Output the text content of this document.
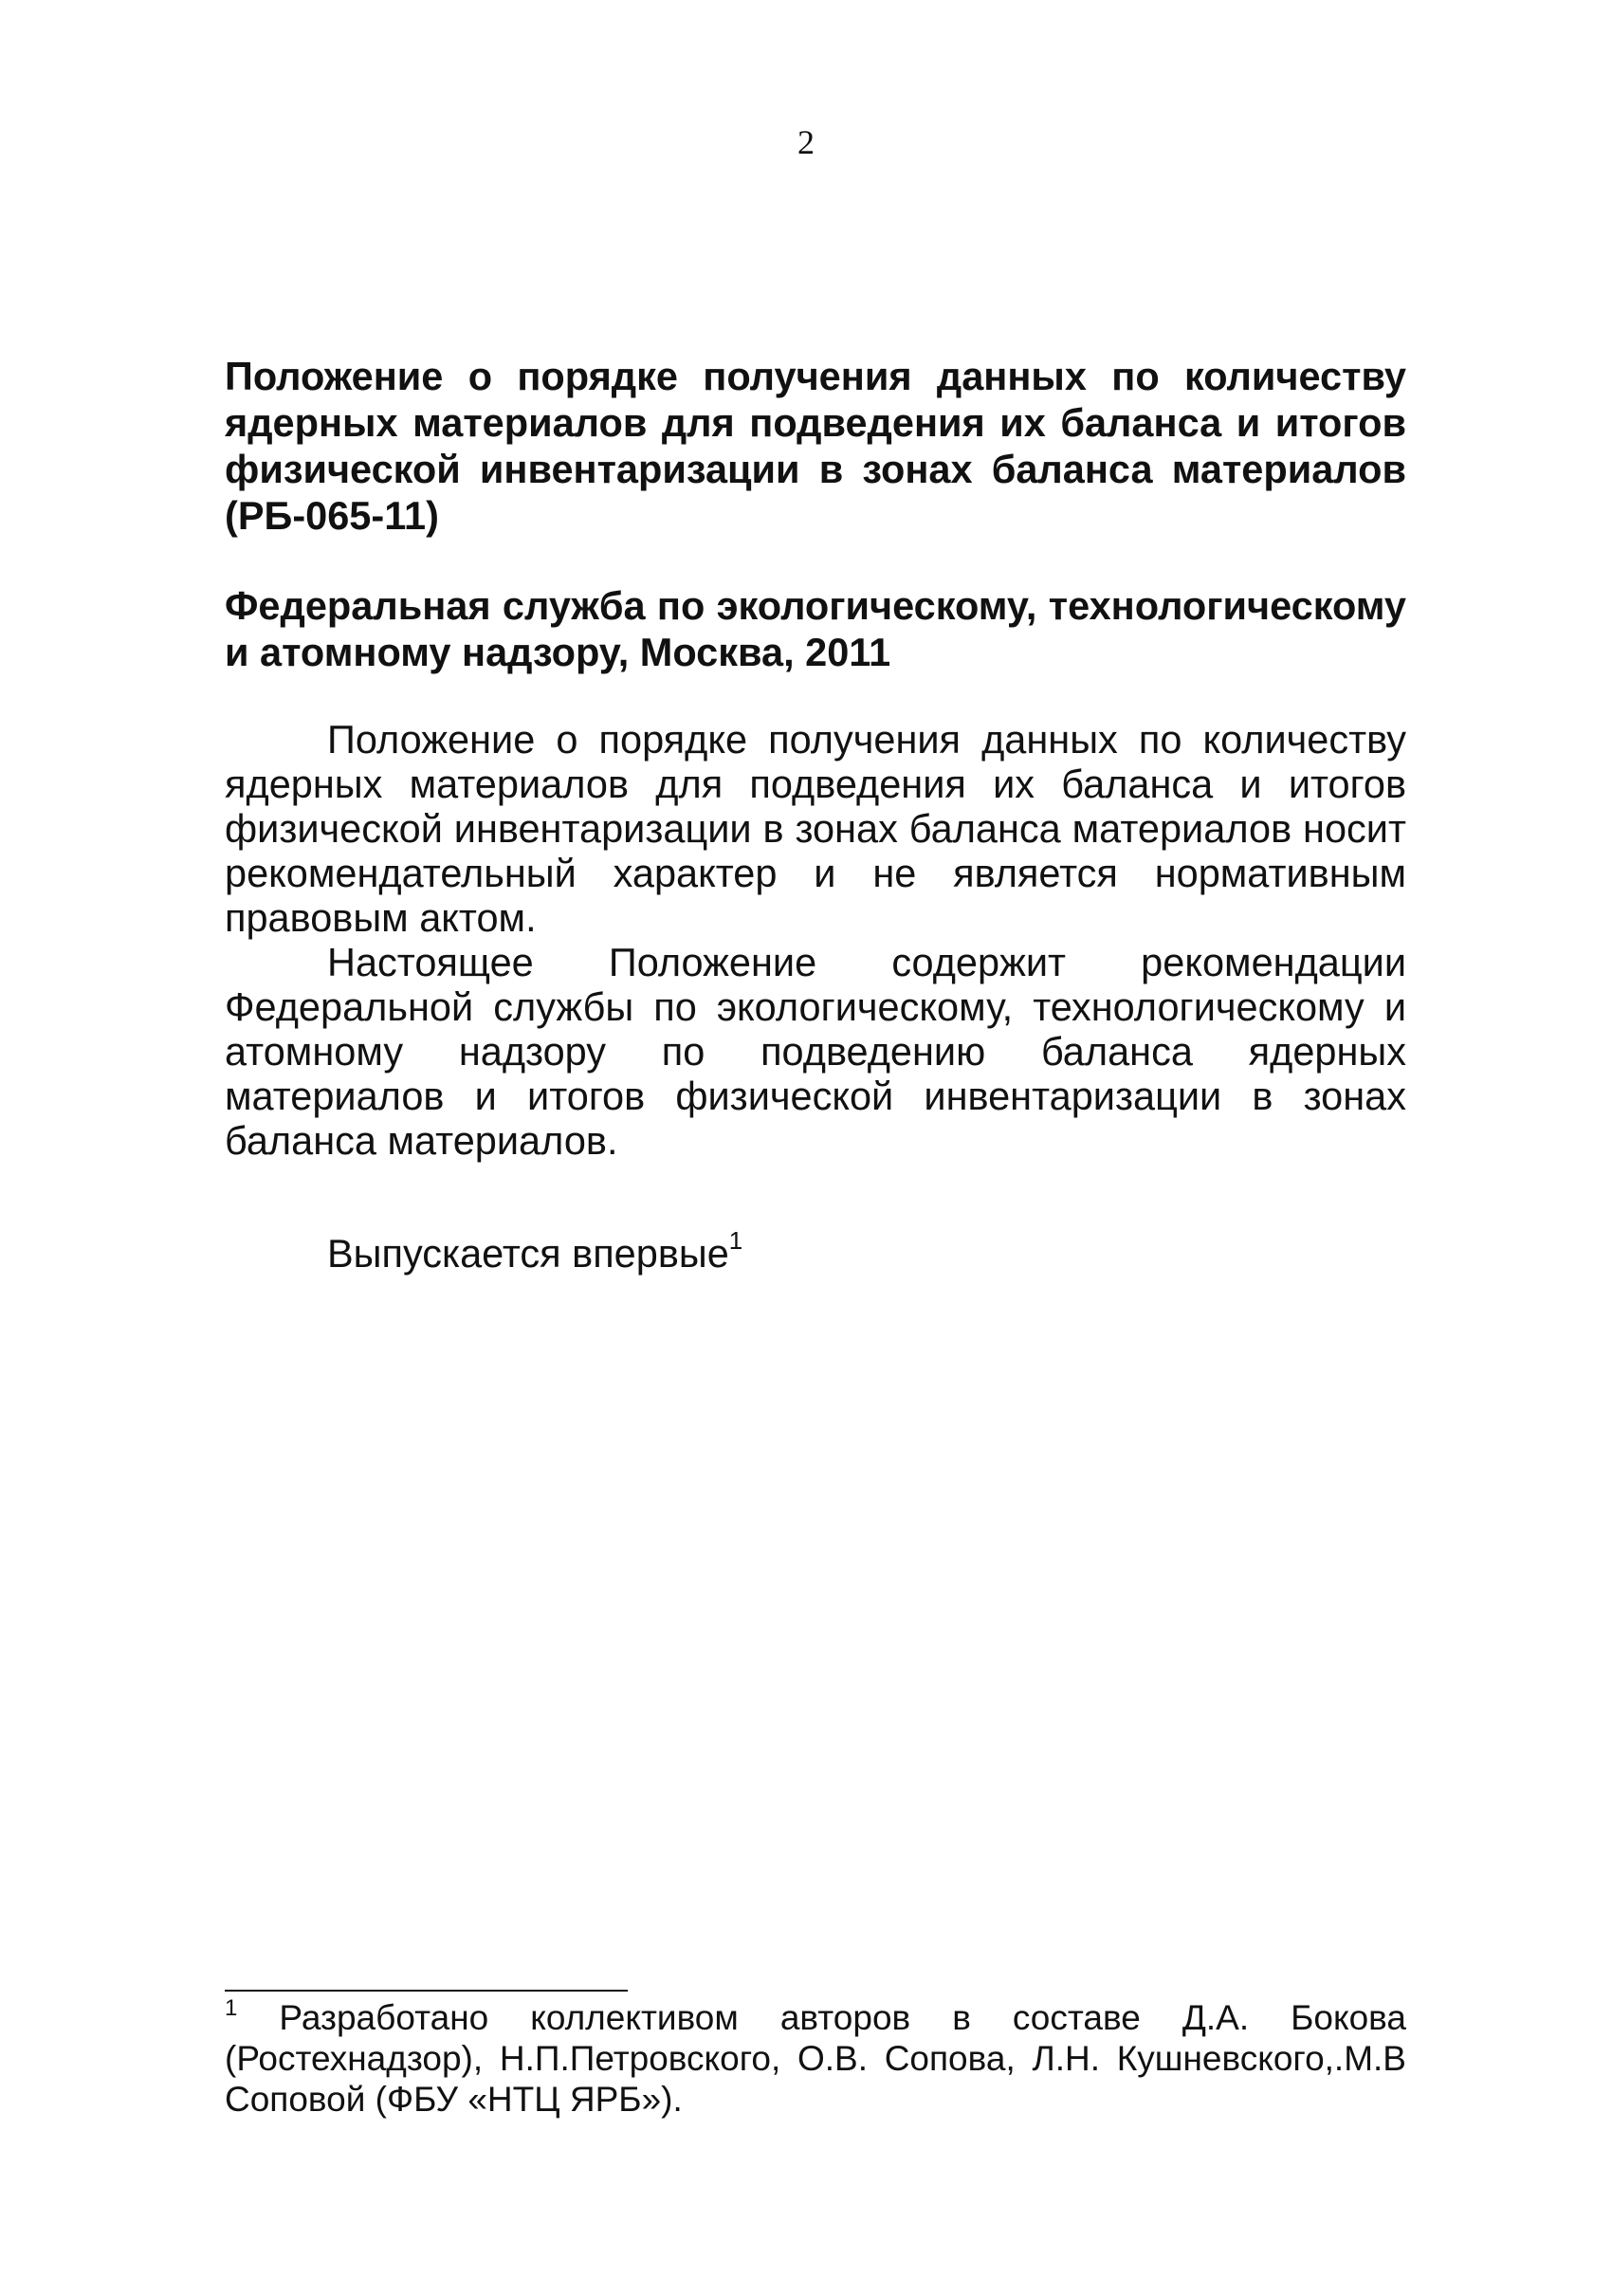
2
Положение о порядке получения данных по количеству ядерных материалов для подведения их баланса и итогов физической инвентаризации в зонах баланса материалов (РБ-065-11)

Федеральная служба по экологическому, технологическому и атомному надзору, Москва, 2011

Положение о порядке получения данных по количеству ядерных материалов для подведения их баланса и итогов физической инвентаризации в зонах баланса материалов носит рекомендательный характер и не является нормативным правовым актом.

Настоящее Положение содержит рекомендации Федеральной службы по экологическому, технологическому и атомному надзору по подведению баланса ядерных материалов и итогов физической инвентаризации в зонах баланса материалов.

Выпускается впервые$^1$

$^1$ Разработано коллективом авторов в составе Д.А. Бокова (Ростехнадзор), Н.П.Петровского, О.В. Сопова, Л.Н. Кушневского,.М.В Соповой (ФБУ «НТЦ ЯРБ»).
